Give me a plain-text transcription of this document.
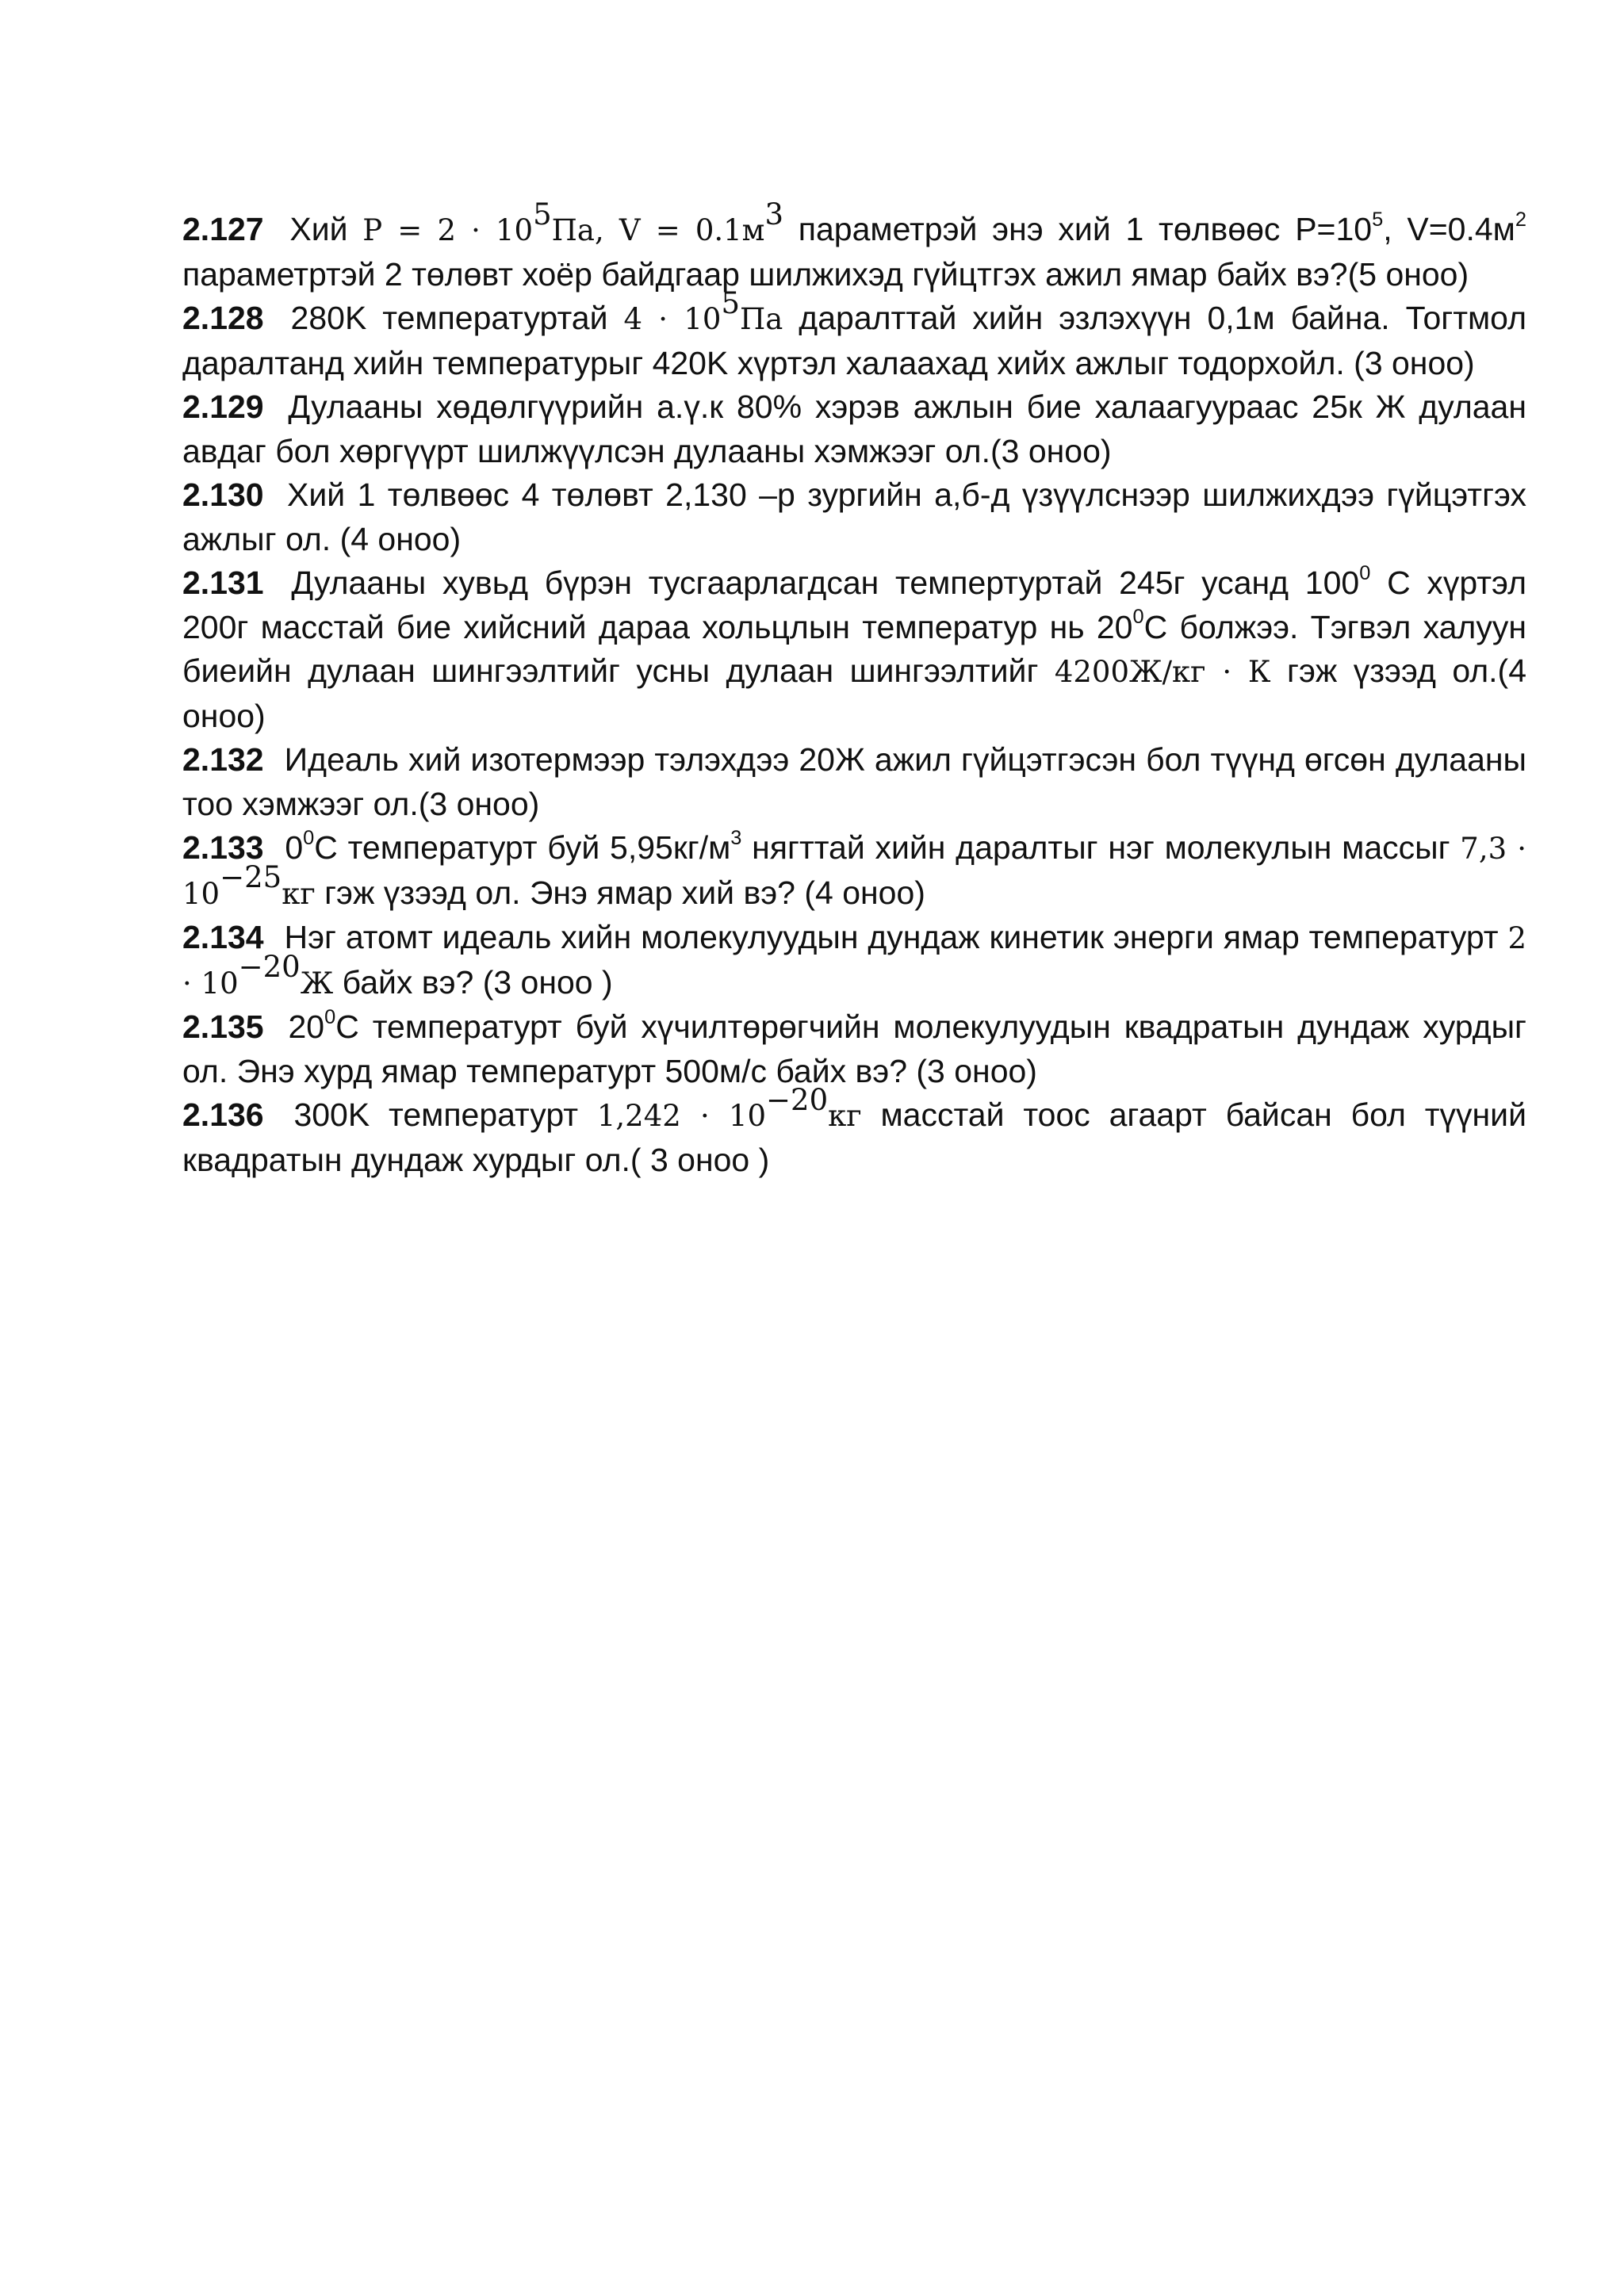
2.127 Хий $P = 2 \cdot 10^5Па$, $V = 0.1м^3$ параметрэй энэ хий 1 төлвөөс $P=10^5$, $V=0.4м^2$ параметртэй 2 төлөвт хоёр байдгаар шилжихэд гүйцтгэх ажил ямар байх вэ?(5 оноо)

2.128 280K температуртай $4 \cdot 10^5Па$ даралттай хийн эзлэхүүн 0,1м байна. Тогтмол даралтанд хийн температурыг 420K хүртэл халаахад хийх ажлыг тодорхойл. (3 оноо)

2.129 Дулааны хөдөлгүүрийн а.ү.к 80% хэрэв ажлын бие халаагуураас 25к Ж дулаан авдаг бол хөргүүрт шилжүүлсэн дулааны хэмжээг ол.(3 оноо)

2.130 Хий 1 төлвөөс 4 төлөвт 2,130 –р зургийн а,б-д үзүүлснээр шилжихдээ гүйцэтгэх ажлыг ол. (4 оноо)

2.131 Дулааны хувьд бүрэн тусгаарлагдсан темпертуртай 245г усанд $100^0$ С хүртэл 200г масстай бие хийсний дараа хольцлын температур нь $20^0С$ болжээ. Тэгвэл халуун биеийн дулаан шингээлтийг усны дулаан шингээлтийг 4200Ж/кг · К гэж үзээд ол.(4 оноо)

2.132 Идеаль хий изотермээр тэлэхдээ 20Ж ажил гүйцэтгэсэн бол түүнд өгсөн дулааны тоо хэмжээг ол.(3 оноо)

2.133 $0^0С$ температурт буй $5,95кг/м^3$ нягттай хийн даралтыг нэг молекулын массыг $7,3 \cdot 10^{-25}кг$ гэж үзээд ол. Энэ ямар хий вэ? (4 оноо)

2.134 Нэг атомт идеаль хийн молекулуудын дундаж кинетик энерги ямар температурт $2 \cdot 10^{-20}Ж$ байх вэ? (3 оноо )

2.135 $20^0С$ температурт буй хүчилтөрөгчийн молекулуудын квадратын дундаж хурдыг ол. Энэ хурд ямар температурт 500м/с байх вэ? (3 оноо)

2.136 300K температурт $1,242 \cdot 10^{-20}кг$ масстай тоос агаарт байсан бол түүний квадратын дундаж хурдыг ол.( 3 оноо )
